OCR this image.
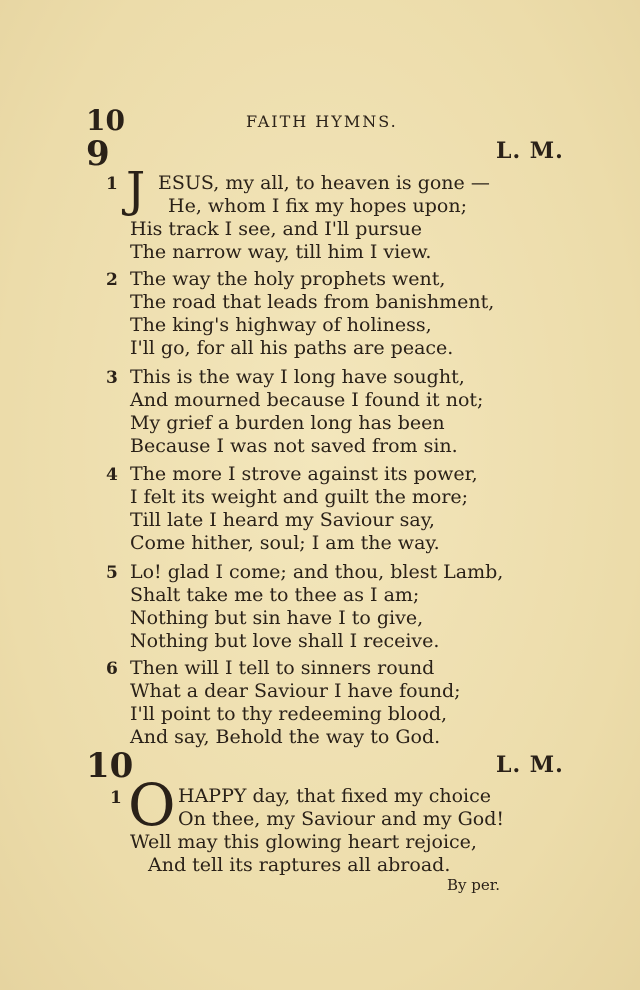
10	FAITH HYMNS.
9	L. M.
1 J ESUS, my all, to heaven is gone —
He, whom I fix my hopes upon;
His track I see, and I'll pursue
The narrow way, till him I view.
2 The way the holy prophets went,
The road that leads from banishment,
The king's highway of holiness,
I'll go, for all his paths are peace.
3 This is the way I long have sought,
And mourned because I found it not;
My grief a burden long has been
Because I was not saved from sin.
4 The more I strove against its power,
I felt its weight and guilt the more;
Till late I heard my Saviour say,
Come hither, soul; I am the way.
5 Lo! glad I come; and thou, blest Lamb,
Shalt take me to thee as I am;
Nothing but sin have I to give,
Nothing but love shall I receive.
6 Then will I tell to sinners round
What a dear Saviour I have found;
I'll point to thy redeeming blood,
And say, Behold the way to God.
10	L. M.
1 O HAPPY day, that fixed my choice
On thee, my Saviour and my God!
Well may this glowing heart rejoice,
And tell its raptures all abroad.
By per.
